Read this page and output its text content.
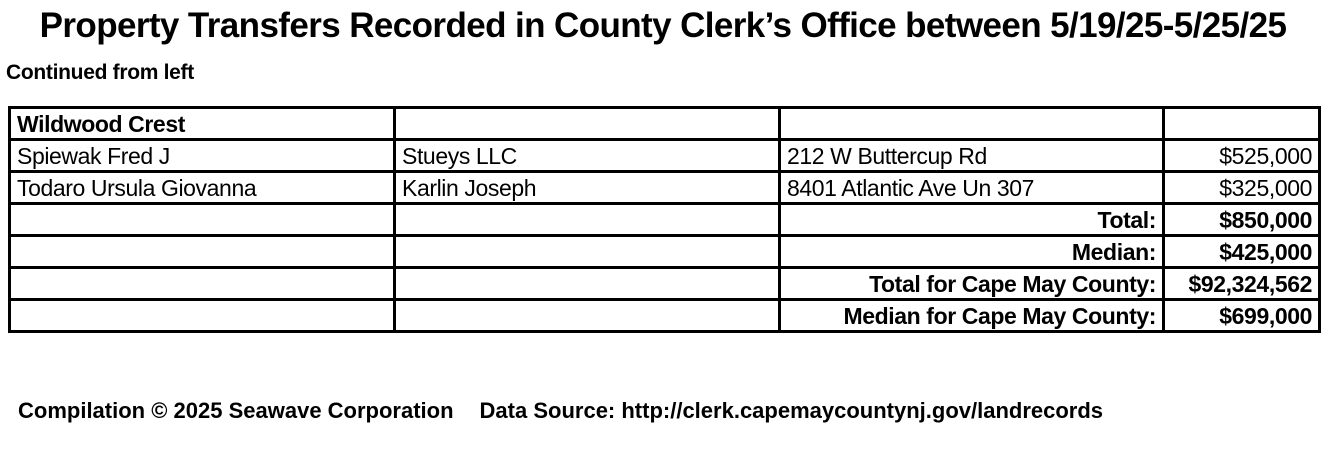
Property Transfers Recorded in County Clerk’s Office between 5/19/25-5/25/25
Continued from left
Wildwood Crest			
Spiewak Fred J	Stueys LLC	212 W Buttercup Rd	$525,000
Todaro Ursula Giovanna	Karlin Joseph	8401 Atlantic Ave Un 307	$325,000
		Total:	$850,000
		Median:	$425,000
		Total for Cape May County:	$92,324,562
		Median for Cape May County:	$699,000
Compilation © 2025 Seawave Corporation Data Source: http://clerk.capemaycountynj.gov/landrecords
